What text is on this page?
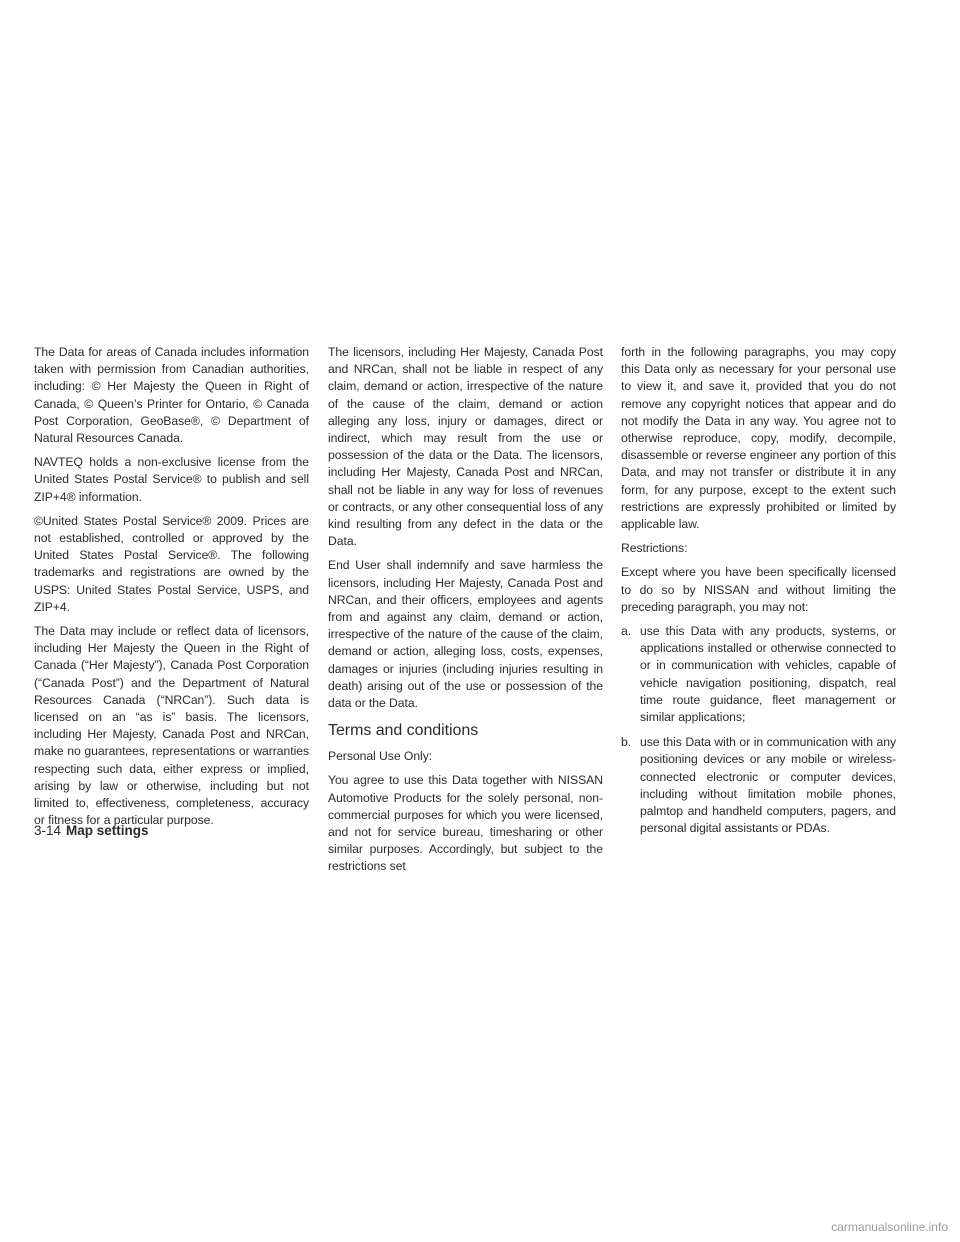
The Data for areas of Canada includes information taken with permission from Canadian authorities, including: © Her Majesty the Queen in Right of Canada, © Queen’s Printer for Ontario, © Canada Post Corporation, GeoBase®, © Department of Natural Resources Canada.

NAVTEQ holds a non-exclusive license from the United States Postal Service® to publish and sell ZIP+4® information.

©United States Postal Service® 2009. Prices are not established, controlled or approved by the United States Postal Service®. The following trademarks and registrations are owned by the USPS: United States Postal Service, USPS, and ZIP+4.

The Data may include or reflect data of licensors, including Her Majesty the Queen in the Right of Canada (“Her Majesty”), Canada Post Corporation (“Canada Post”) and the Department of Natural Resources Canada (“NRCan”). Such data is licensed on an “as is” basis. The licensors, including Her Majesty, Canada Post and NRCan, make no guarantees, representations or warranties respecting such data, either express or implied, arising by law or otherwise, including but not limited to, effectiveness, completeness, accuracy or fitness for a particular purpose.

The licensors, including Her Majesty, Canada Post and NRCan, shall not be liable in respect of any claim, demand or action, irrespective of the nature of the cause of the claim, demand or action alleging any loss, injury or damages, direct or indirect, which may result from the use or possession of the data or the Data. The licensors, including Her Majesty, Canada Post and NRCan, shall not be liable in any way for loss of revenues or contracts, or any other consequential loss of any kind resulting from any defect in the data or the Data.

End User shall indemnify and save harmless the licensors, including Her Majesty, Canada Post and NRCan, and their officers, employees and agents from and against any claim, demand or action, irrespective of the nature of the cause of the claim, demand or action, alleging loss, costs, expenses, damages or injuries (including injuries resulting in death) arising out of the use or possession of the data or the Data.

Terms and conditions

Personal Use Only:

You agree to use this Data together with NISSAN Automotive Products for the solely personal, non-commercial purposes for which you were licensed, and not for service bureau, timesharing or other similar purposes. Accordingly, but subject to the restrictions set

forth in the following paragraphs, you may copy this Data only as necessary for your personal use to view it, and save it, provided that you do not remove any copyright notices that appear and do not modify the Data in any way. You agree not to otherwise reproduce, copy, modify, decompile, disassemble or reverse engineer any portion of this Data, and may not transfer or distribute it in any form, for any purpose, except to the extent such restrictions are expressly prohibited or limited by applicable law.

Restrictions:

Except where you have been specifically licensed to do so by NISSAN and without limiting the preceding paragraph, you may not:

a. use this Data with any products, systems, or applications installed or otherwise connected to or in communication with vehicles, capable of vehicle navigation positioning, dispatch, real time route guidance, fleet management or similar applications;
b. use this Data with or in communication with any positioning devices or any mobile or wireless-connected electronic or computer devices, including without limitation mobile phones, palmtop and handheld computers, pagers, and personal digital assistants or PDAs.
3-14 Map settings
carmanualsonline.info
